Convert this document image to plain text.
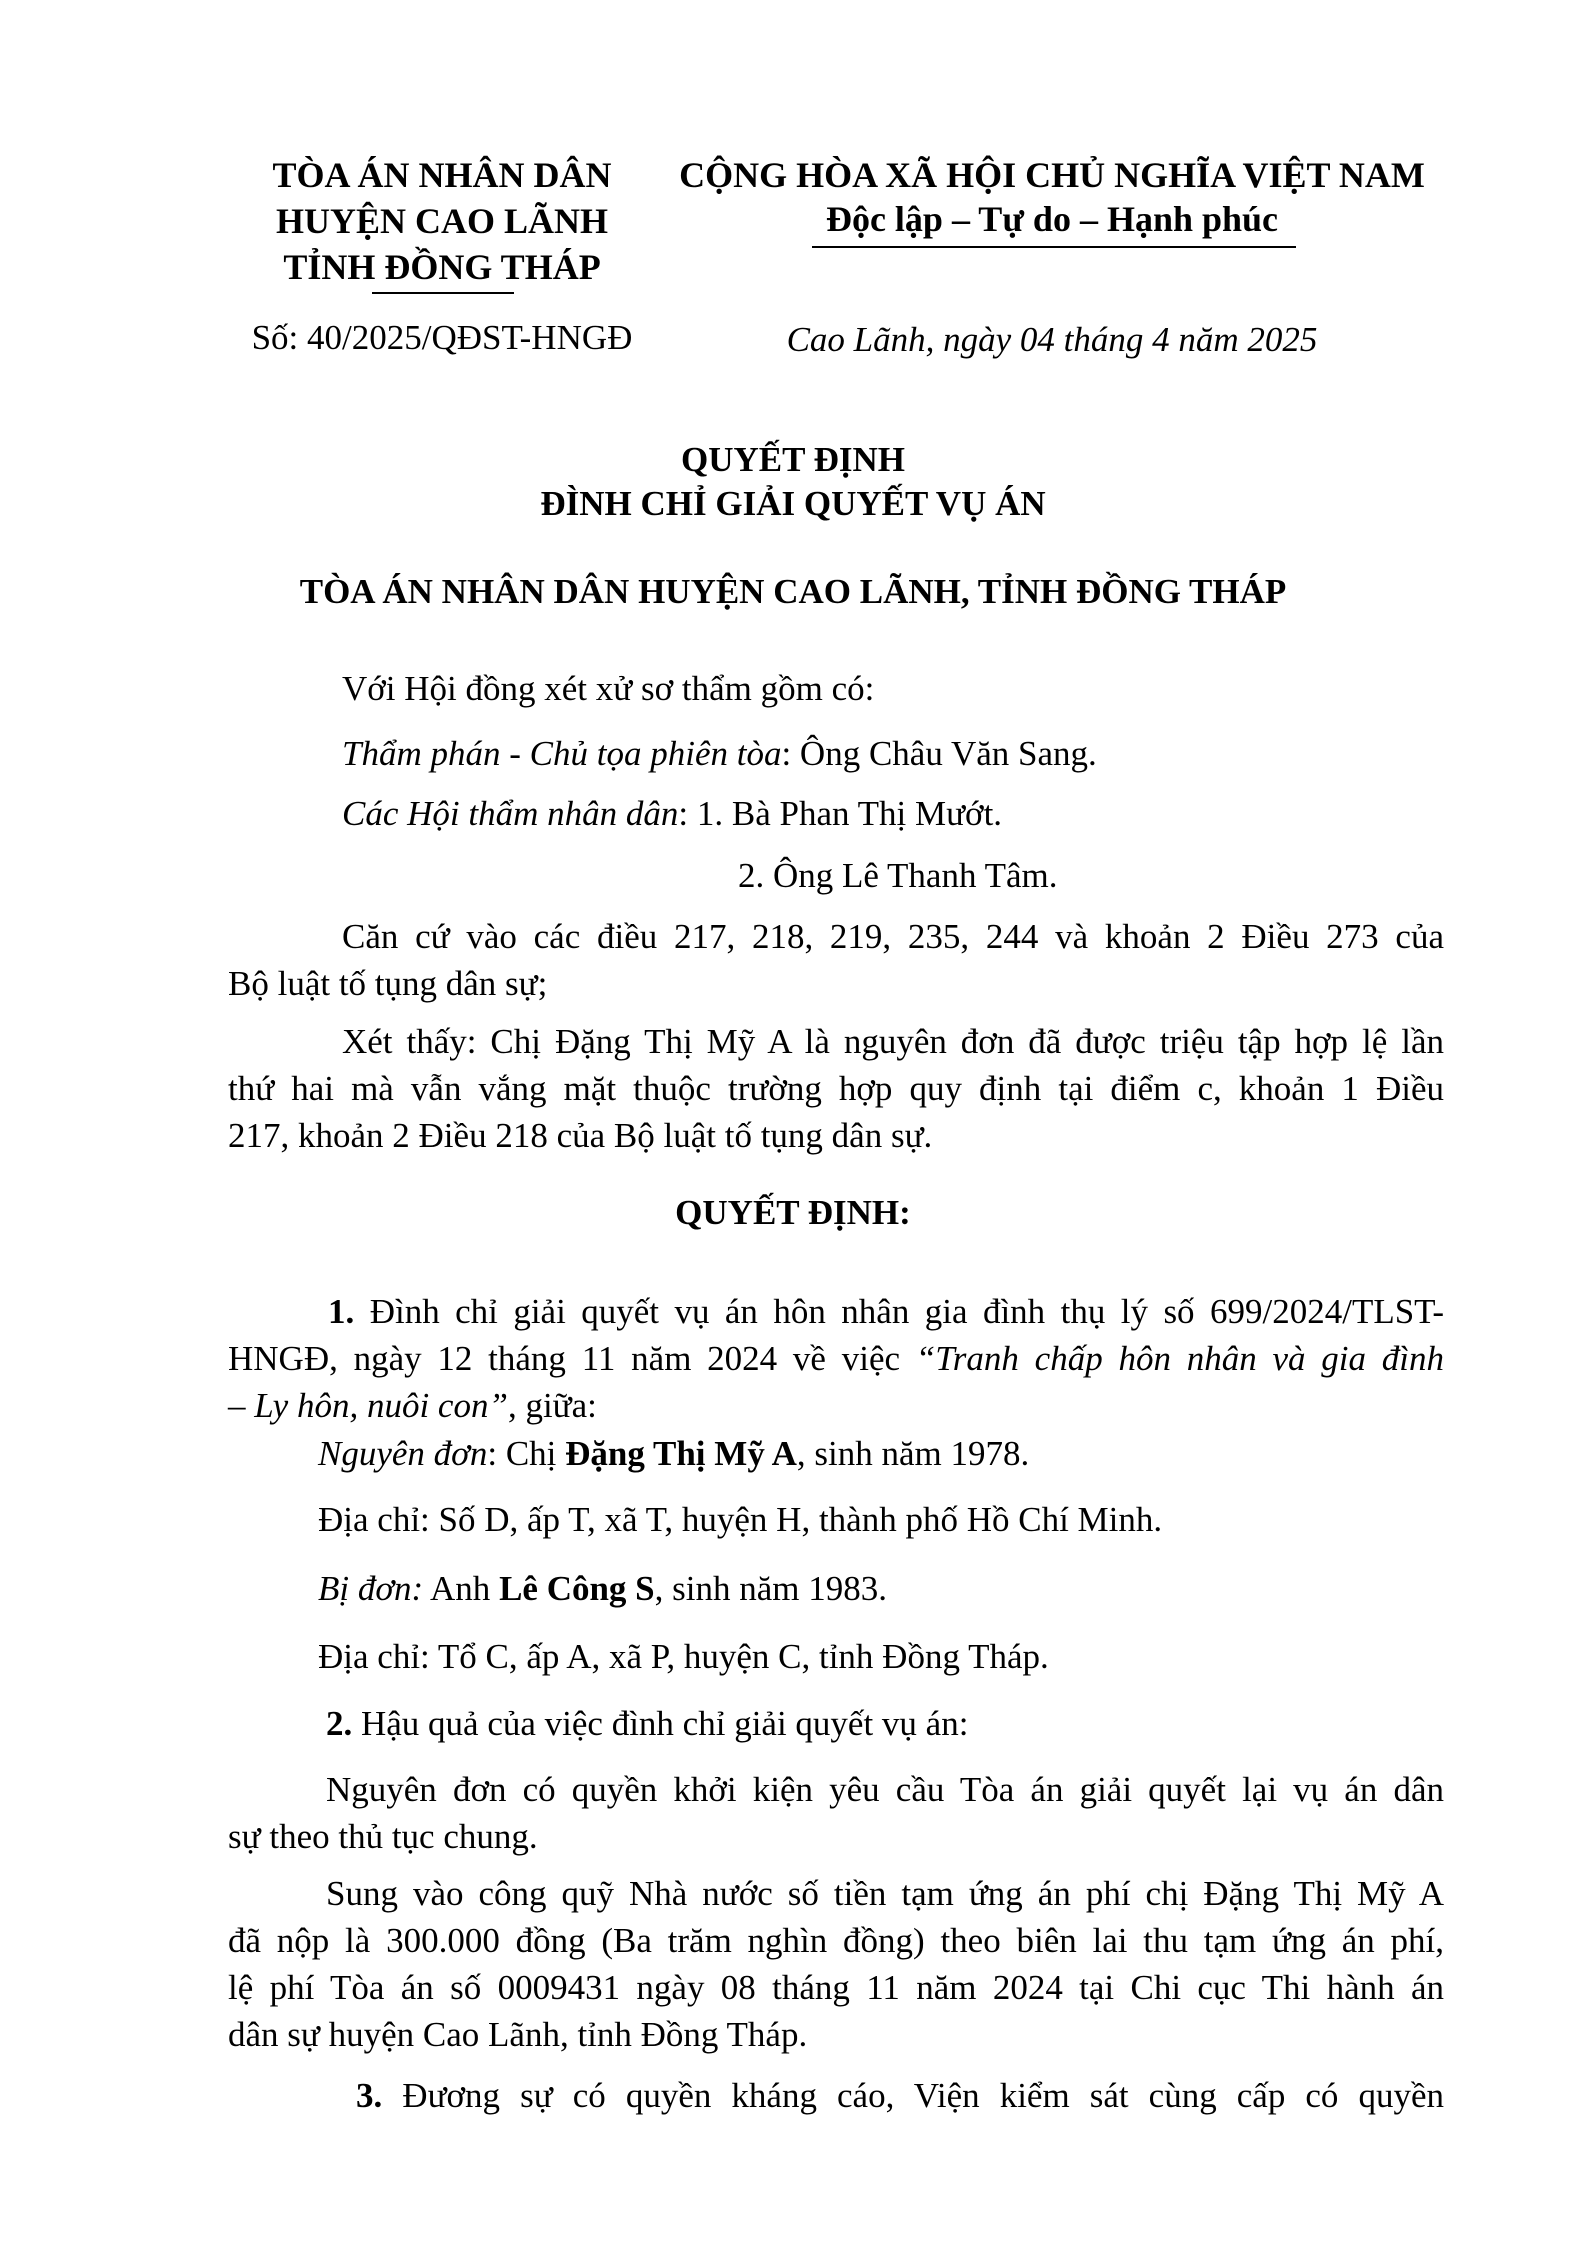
TÒA ÁN NHÂN DÂN
HUYỆN CAO LÃNH
TỈNH ĐỒNG THÁP
Số: 40/2025/QĐST-HNGĐ
CỘNG HÒA XÃ HỘI CHỦ NGHĨA VIỆT NAM
Độc lập – Tự do – Hạnh phúc
Cao Lãnh, ngày 04 tháng 4 năm 2025
QUYẾT ĐỊNH
ĐÌNH CHỈ GIẢI QUYẾT VỤ ÁN
TÒA ÁN NHÂN DÂN HUYỆN CAO LÃNH, TỈNH ĐỒNG THÁP
Với Hội đồng xét xử sơ thẩm gồm có:
Thẩm phán - Chủ tọa phiên tòa: Ông Châu Văn Sang.
Các Hội thẩm nhân dân: 1. Bà Phan Thị Mướt.
2. Ông Lê Thanh Tâm.
Căn cứ vào các điều 217, 218, 219, 235, 244 và khoản 2 Điều 273 của
Bộ luật tố tụng dân sự;
Xét thấy: Chị Đặng Thị Mỹ A là nguyên đơn đã được triệu tập hợp lệ lần
thứ hai mà vẫn vắng mặt thuộc trường hợp quy định tại điểm c, khoản 1 Điều
217, khoản 2 Điều 218 của Bộ luật tố tụng dân sự.
QUYẾT ĐỊNH:
1. Đình chỉ giải quyết vụ án hôn nhân gia đình thụ lý số 699/2024/TLST-
HNGĐ, ngày 12 tháng 11 năm 2024 về việc “Tranh chấp hôn nhân và gia đình
– Ly hôn, nuôi con”, giữa:
Nguyên đơn: Chị Đặng Thị Mỹ A, sinh năm 1978.
Địa chỉ: Số D, ấp T, xã T, huyện H, thành phố Hồ Chí Minh.
Bị đơn: Anh Lê Công S, sinh năm 1983.
Địa chỉ: Tổ C, ấp A, xã P, huyện C, tỉnh Đồng Tháp.
2. Hậu quả của việc đình chỉ giải quyết vụ án:
Nguyên đơn có quyền khởi kiện yêu cầu Tòa án giải quyết lại vụ án dân
sự theo thủ tục chung.
Sung vào công quỹ Nhà nước số tiền tạm ứng án phí chị Đặng Thị Mỹ A
đã nộp là 300.000 đồng (Ba trăm nghìn đồng) theo biên lai thu tạm ứng án phí,
lệ phí Tòa án số 0009431 ngày 08 tháng 11 năm 2024 tại Chi cục Thi hành án
dân sự huyện Cao Lãnh, tỉnh Đồng Tháp.
3. Đương sự có quyền kháng cáo, Viện kiểm sát cùng cấp có quyền
